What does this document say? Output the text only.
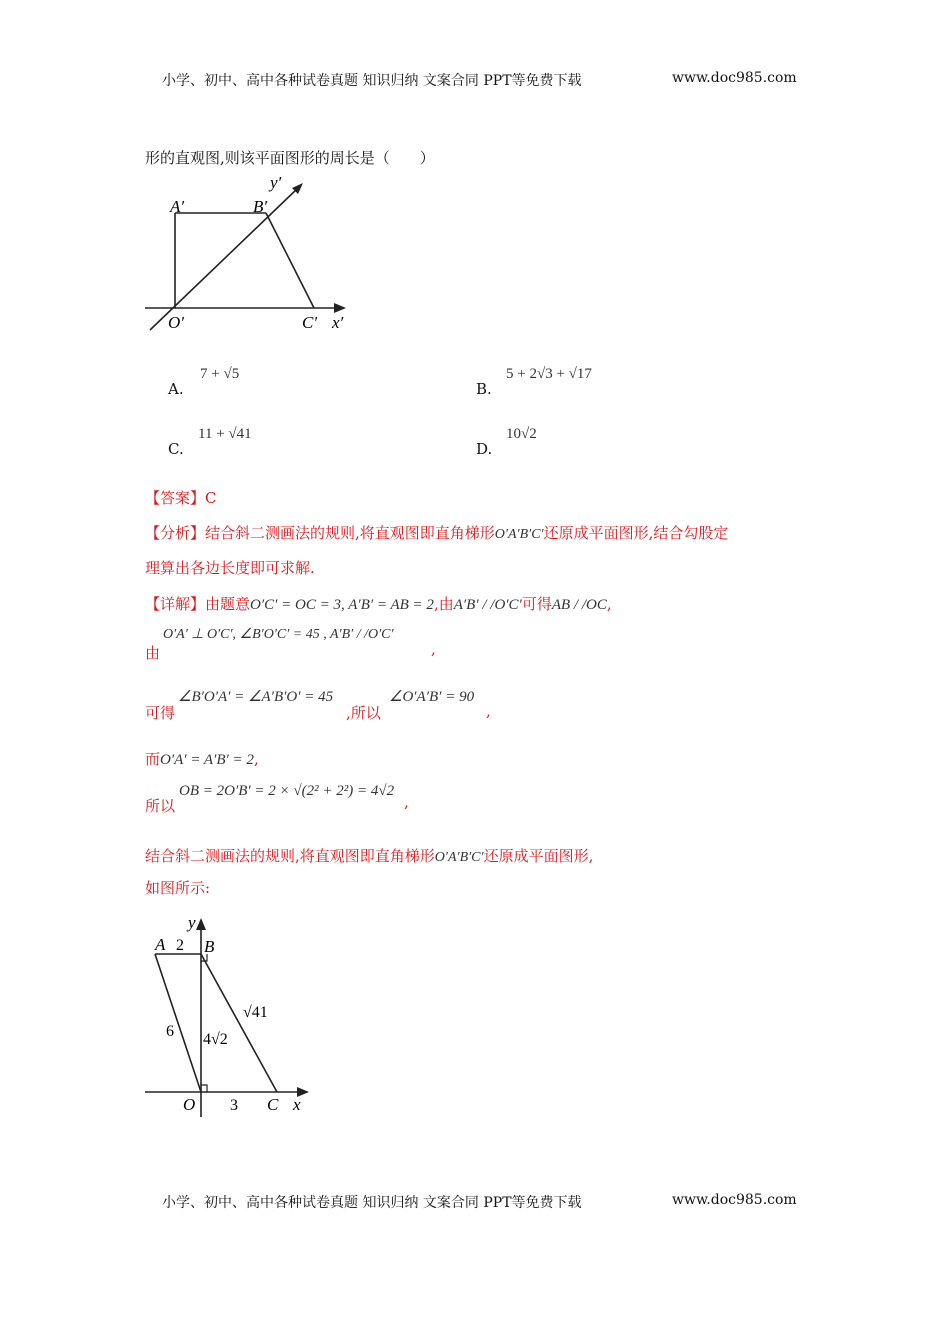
小学、初中、高中各种试卷真题 知识归纳 文案合同 PPT等免费下载	www.doc985.com
形的直观图,则该平面图形的周长是（　　）
A′	B′
y′
O′	C′ x′
A.
7 + √5
B.
5 + 2√3 + √17
C.
11 + √41
D.
10√2
【答案】C
【分析】结合斜二测画法的规则,将直观图即直角梯形O′A′B′C′还原成平面图形,结合勾股定
理算出各边长度即可求解.
【详解】由题意O′C′ = OC = 3, A′B′ = AB = 2,由A′B′ / /O′C′可得AB / /OC,
O′A′ ⊥ O′C′, ∠B′O′C′ = 45 , A′B′ / /O′C′
由	,
可得
∠B′O′A′ = ∠A′B′O′ = 45
,所以
∠O′A′B′ = 90
,
而O′A′ = A′B′ = 2,
所以
OB = 2O′B′ = 2 × √(2² + 2²) = 4√2
,
结合斜二测画法的规则,将直观图即直角梯形O′A′B′C′还原成平面图形,
如图所示:
A 2 B
y
√41
6 4√2
O 3 C x
小学、初中、高中各种试卷真题 知识归纳 文案合同 PPT等免费下载	www.doc985.com
